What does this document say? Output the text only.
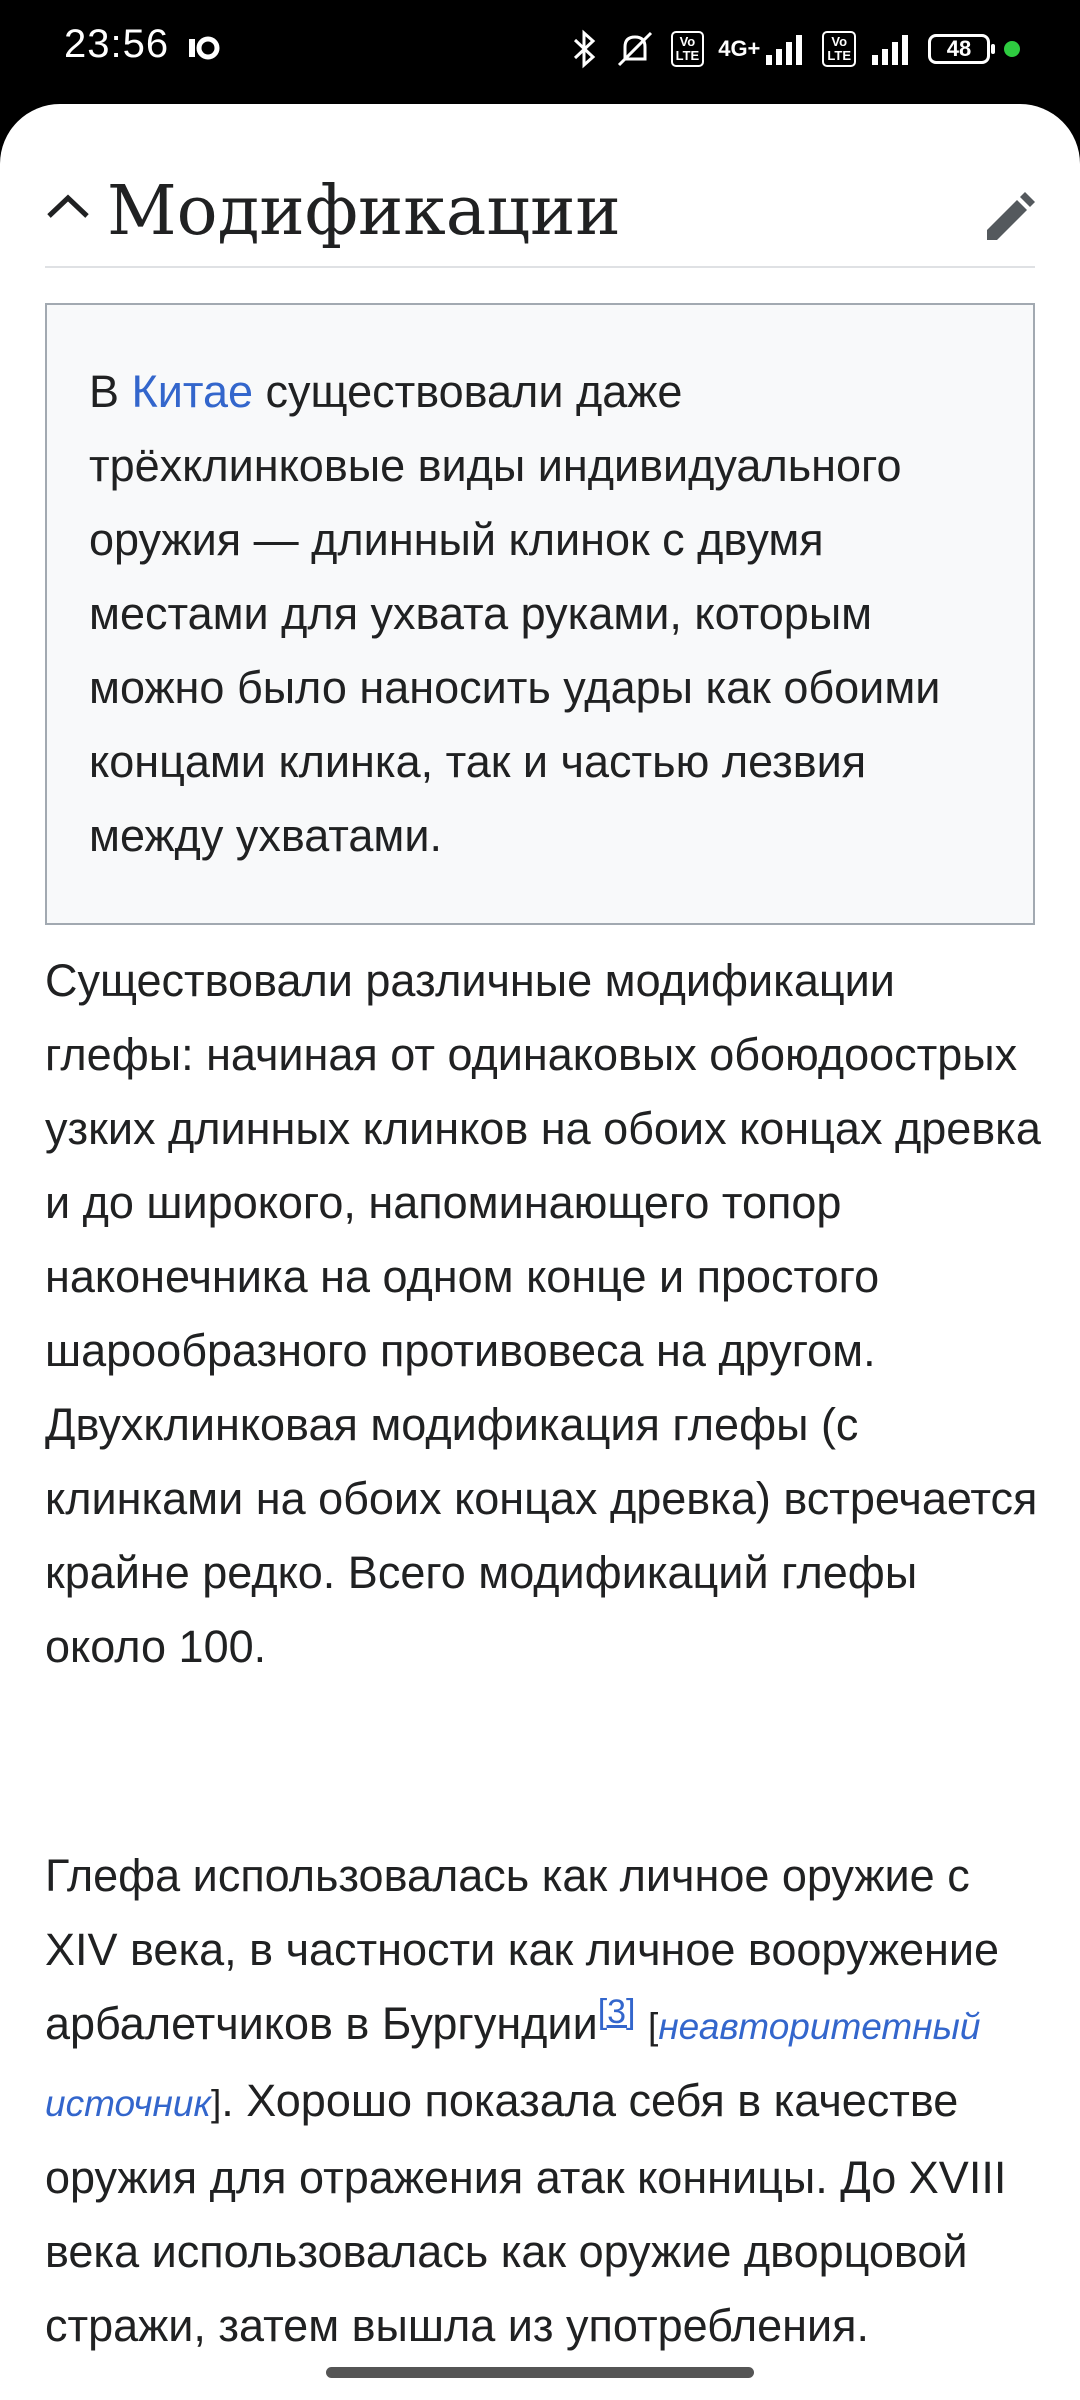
23:56	Vo
LTE 4G+	Vo
LTE	48
Модификации

В Китае существовали даже трёхклинковые виды индивидуального оружия — длинный клинок с двумя местами для ухвата руками, которым можно было наносить удары как обоими концами клинка, так и частью лезвия между ухватами.

Существовали различные модификации глефы: начиная от одинаковых обоюдоострых узких длинных клинков на обоих концах древка и до широкого, напоминающего топор наконечника на одном конце и простого шарообразного противовеса на другом. Двухклинковая модификация глефы (с клинками на обоих концах древка) встречается крайне редко. Всего модификаций глефы около 100.

Глефа использовалась как личное оружие с XIV века, в частности как личное вооружение арбалетчиков в Бургундии[3] [неавторитетный источник]. Хорошо показала себя в качестве оружия для отражения атак конницы. До XVIII века использовалась как оружие дворцовой стражи, затем вышла из употребления.
